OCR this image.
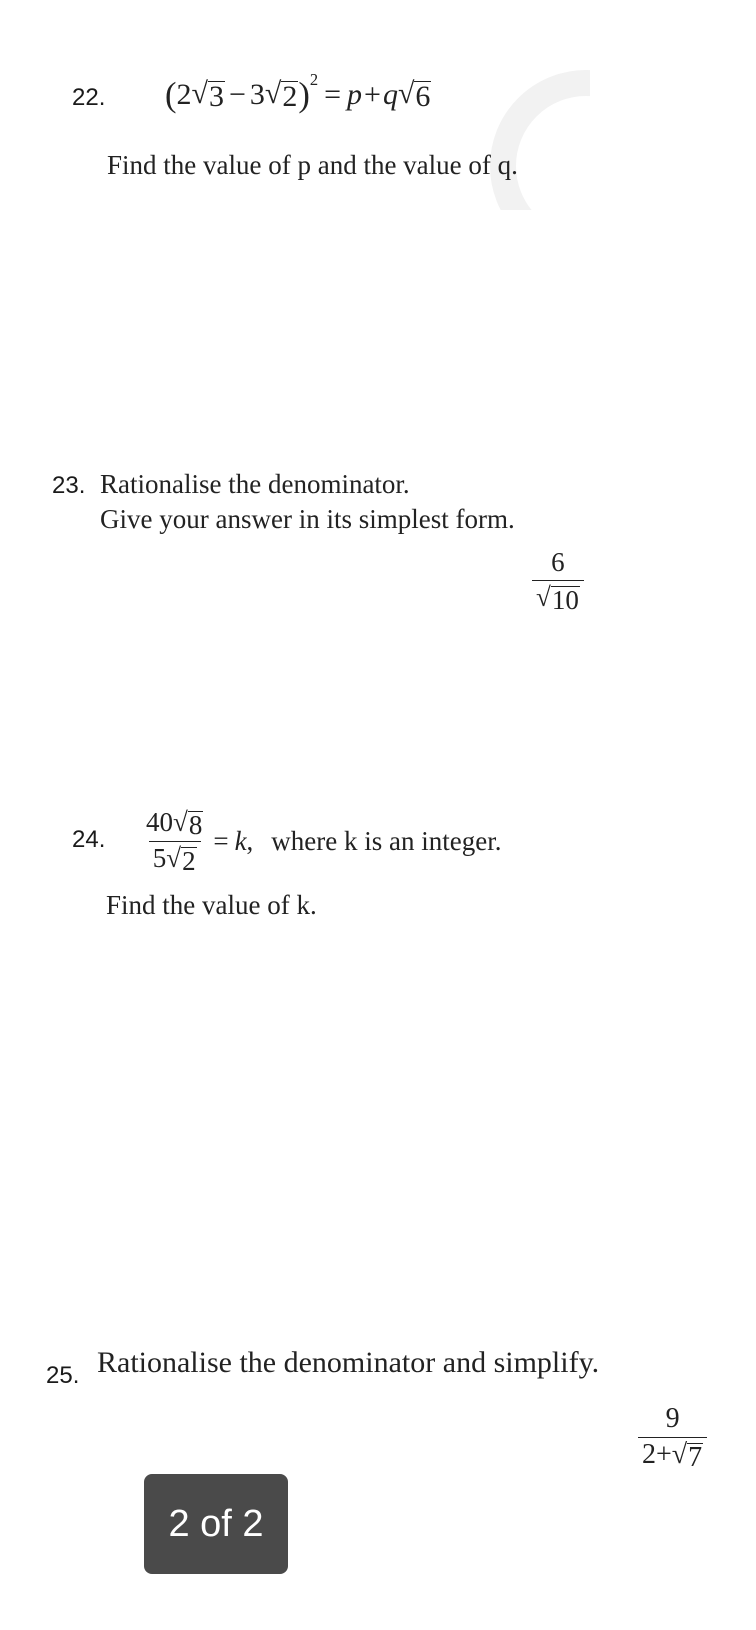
22. ( 2 √ 3 − 3 √ 2 ) 2 = p + q √ 6
Find the value of p and the value of q.
23. Rationalise the denominator.
Give your answer in its simplest form.
$\frac{6}{√ 10}$
24. $\frac{40 √ 8}{5 √ 2} = k$ , where k is an integer.
Find the value of k.
25. Rationalise the denominator and simplify.
$\frac{9}{2+ √ 7}$
2 of 2
